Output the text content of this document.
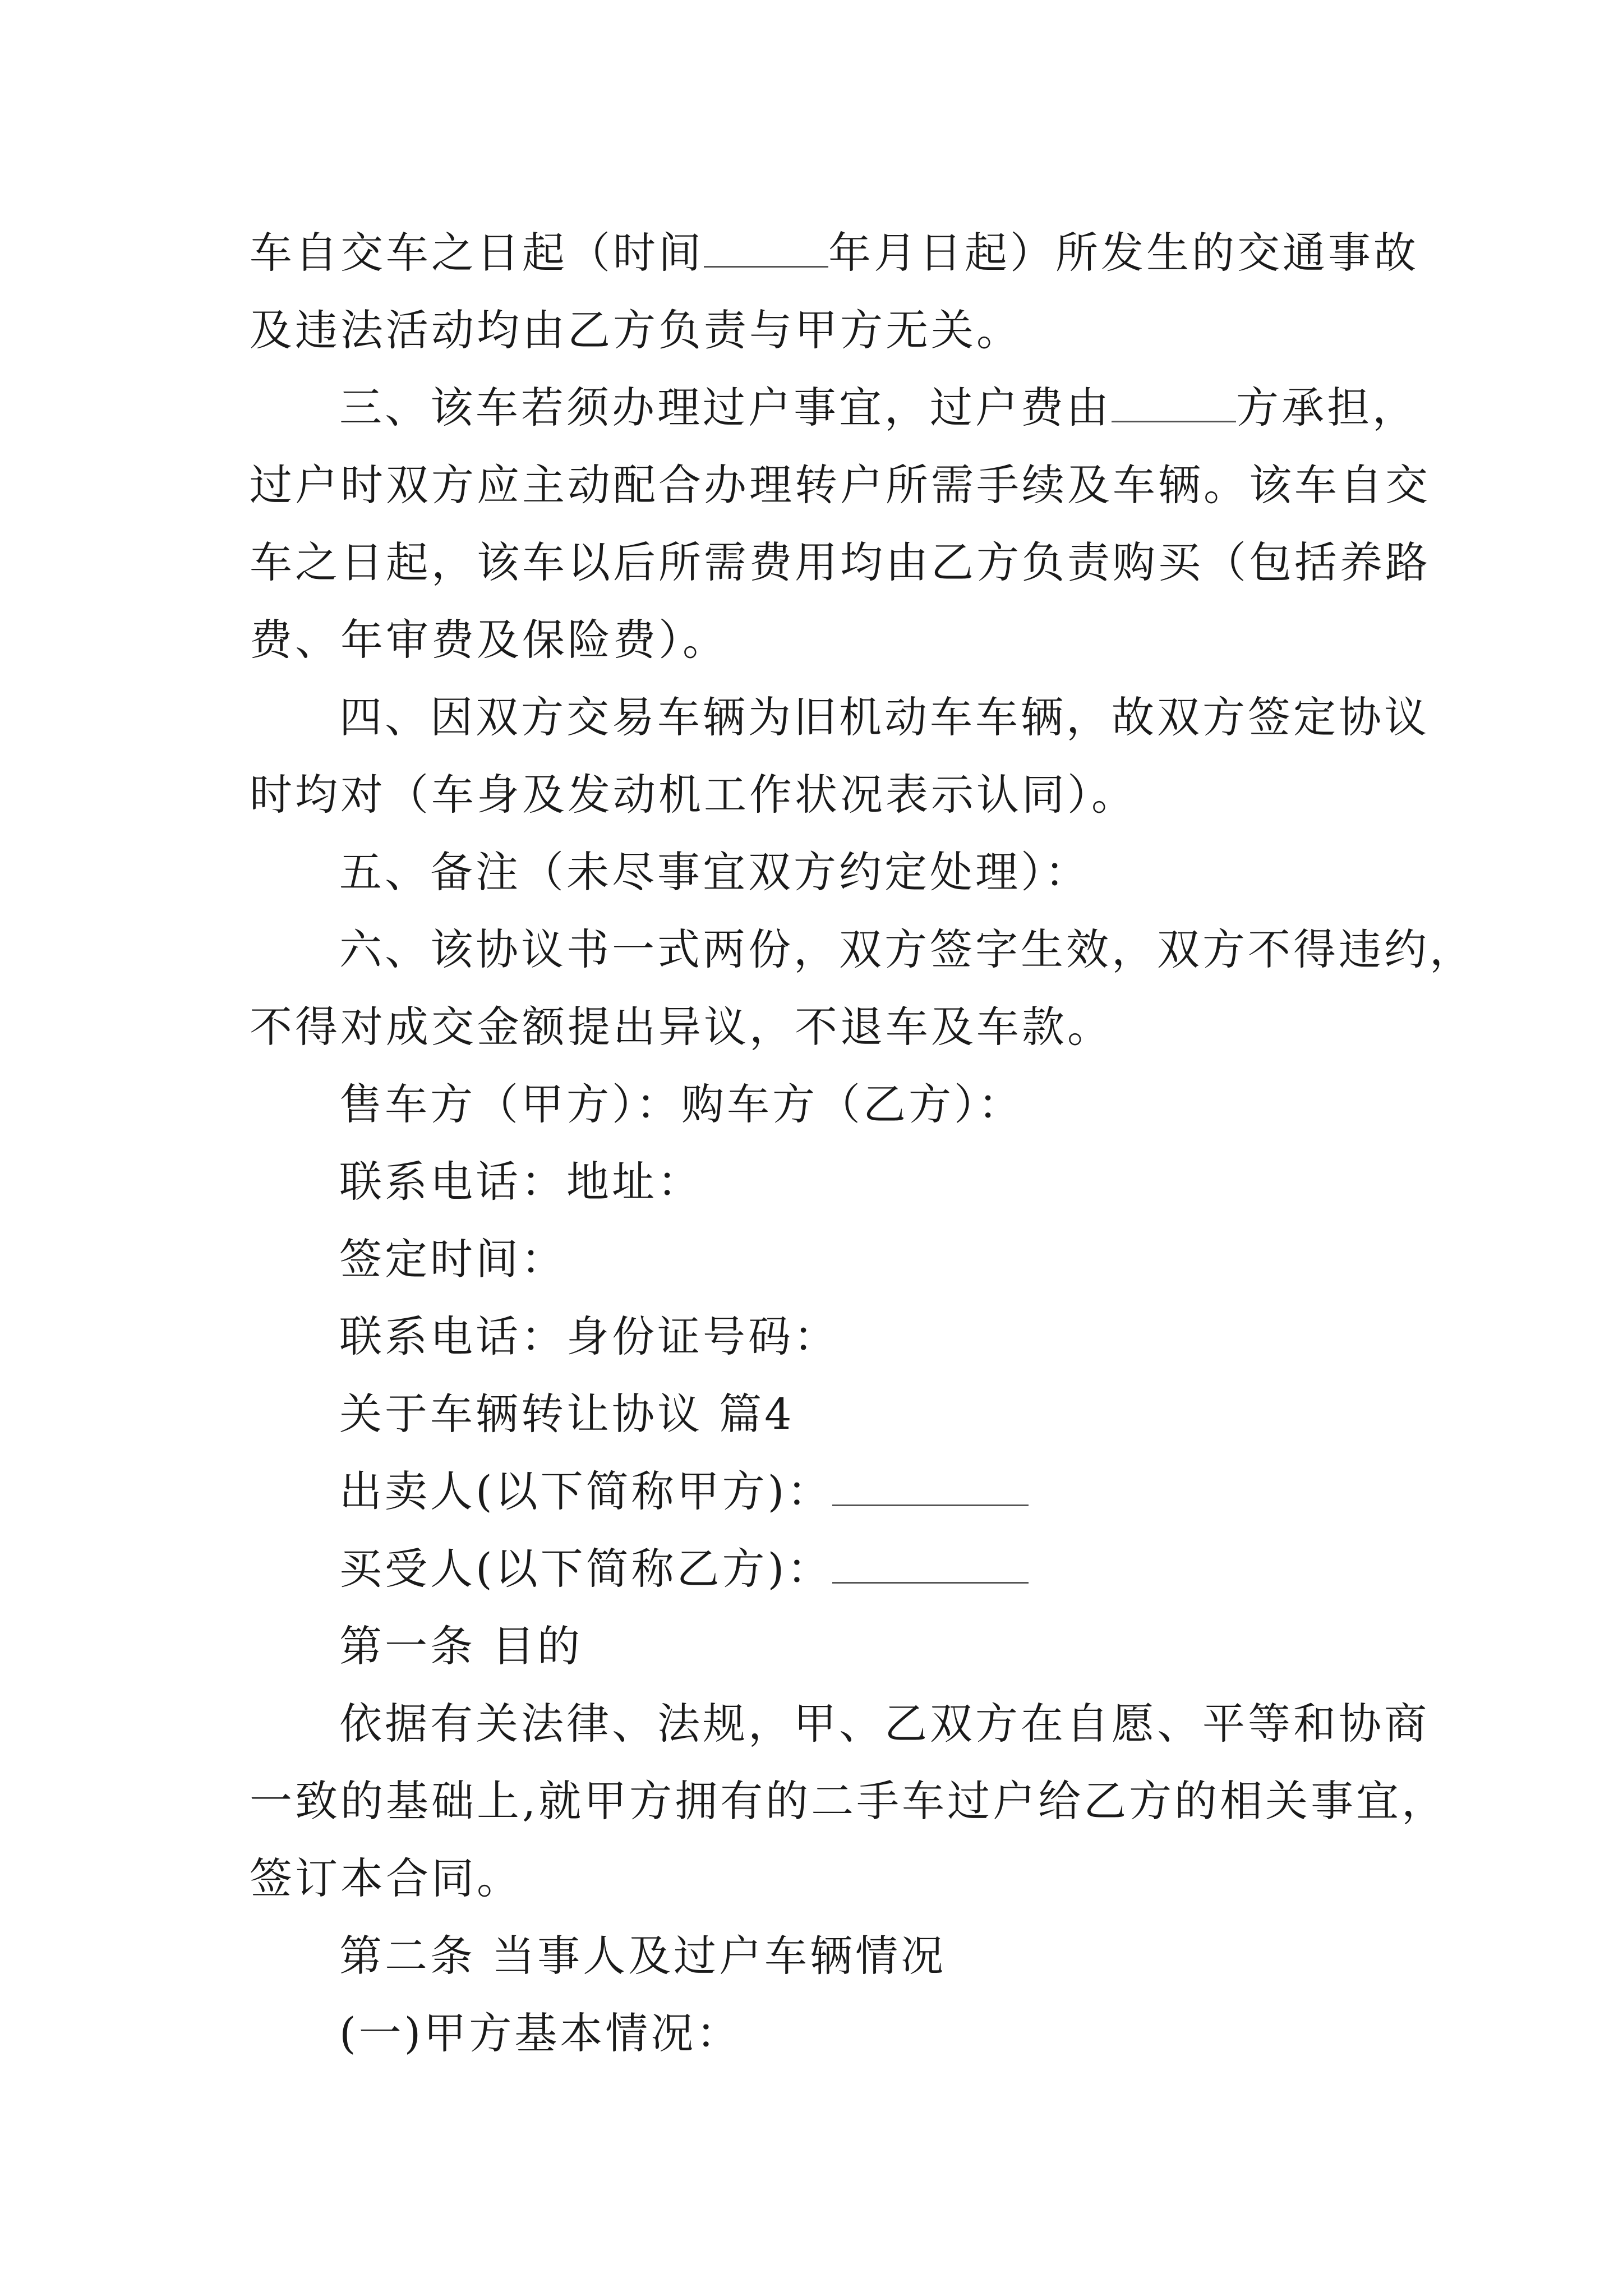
车自交车之日起（时间	年月日起）所发生的交通事故
及违法活动均由乙方负责与甲方无关。
三、该车若须办理过户事宜，过户费由	方承担，
过户时双方应主动配合办理转户所需手续及车辆。该车自交
车之日起，该车以后所需费用均由乙方负责购买（包括养路
费、年审费及保险费）。
四、因双方交易车辆为旧机动车车辆，故双方签定协议
时均对（车身及发动机工作状况表示认同）。
五、备注（未尽事宜双方约定处理）：
六、该协议书一式两份，双方签字生效，双方不得违约，
不得对成交金额提出异议，不退车及车款。
售车方（甲方）：购车方（乙方）：
联系电话：地址：
签定时间：
联系电话：身份证号码：
关于车辆转让协议 篇4
出卖人(以下简称甲方)：
买受人(以下简称乙方)：
第一条 目的
依据有关法律、法规，甲、乙双方在自愿、平等和协商
一致的基础上,就甲方拥有的二手车过户给乙方的相关事宜，
签订本合同。
第二条 当事人及过户车辆情况
(一)甲方基本情况：
